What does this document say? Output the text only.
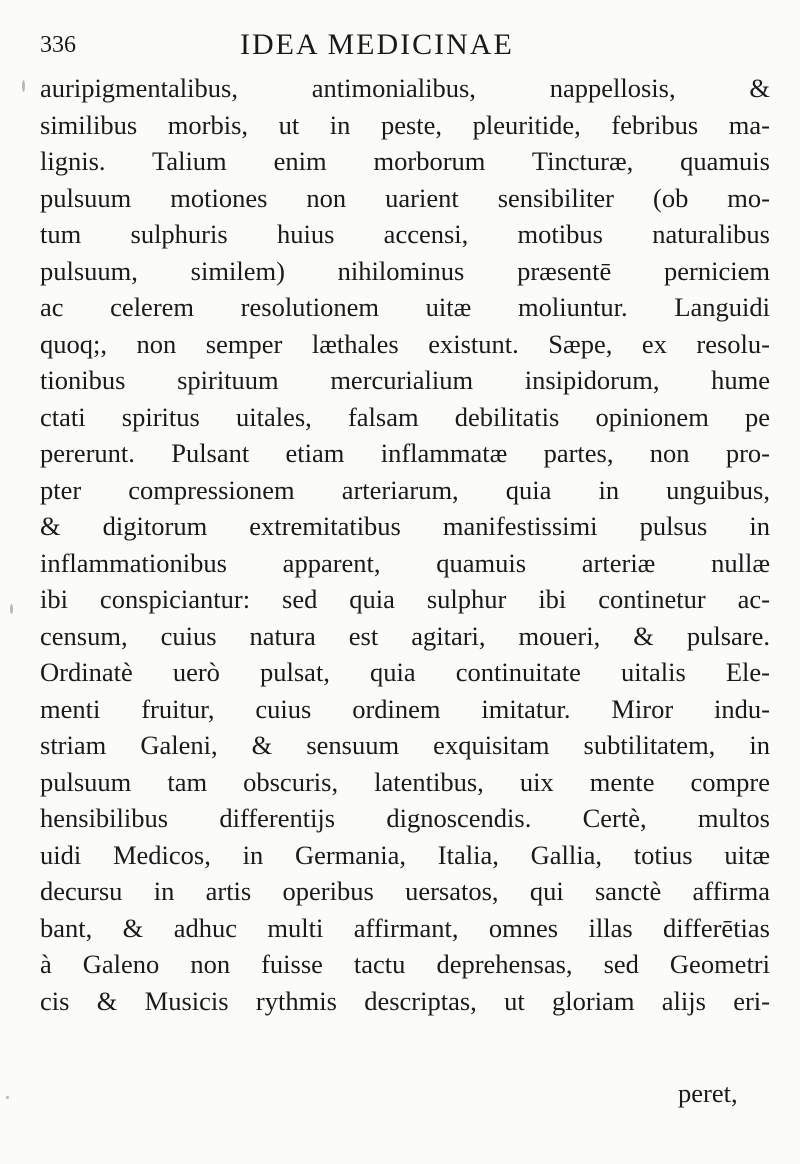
336	IDEA MEDICINAE
auripigmentalibus, antimonialibus, nappellosis, &
similibus morbis, ut in peste, pleuritide, febribus ma-
lignis. Talium enim morborum Tincturæ, quamuis
pulsuum motiones non uarient sensibiliter (ob mo-
tum sulphuris huius accensi, motibus naturalibus
pulsuum, similem) nihilominus præsentē perniciem
ac celerem resolutionem uitæ moliuntur. Languidi
quoq;, non semper læthales existunt. Sæpe, ex resolu-
tionibus spirituum mercurialium insipidorum, hume
ctati spiritus uitales, falsam debilitatis opinionem pe
pererunt. Pulsant etiam inflammatæ partes, non pro-
pter compressionem arteriarum, quia in unguibus,
& digitorum extremitatibus manifestissimi pulsus in
inflammationibus apparent, quamuis arteriæ nullæ
ibi conspiciantur: sed quia sulphur ibi continetur ac-
censum, cuius natura est agitari, moueri, & pulsare.
Ordinatè uerò pulsat, quia continuitate uitalis Ele-
menti fruitur, cuius ordinem imitatur. Miror indu-
striam Galeni, & sensuum exquisitam subtilitatem, in
pulsuum tam obscuris, latentibus, uix mente compre
hensibilibus differentijs dignoscendis. Certè, multos
uidi Medicos, in Germania, Italia, Gallia, totius uitæ
decursu in artis operibus uersatos, qui sanctè affirma
bant, & adhuc multi affirmant, omnes illas differētias
à Galeno non fuisse tactu deprehensas, sed Geometri
cis & Musicis rythmis descriptas, ut gloriam alijs eri-
peret,
